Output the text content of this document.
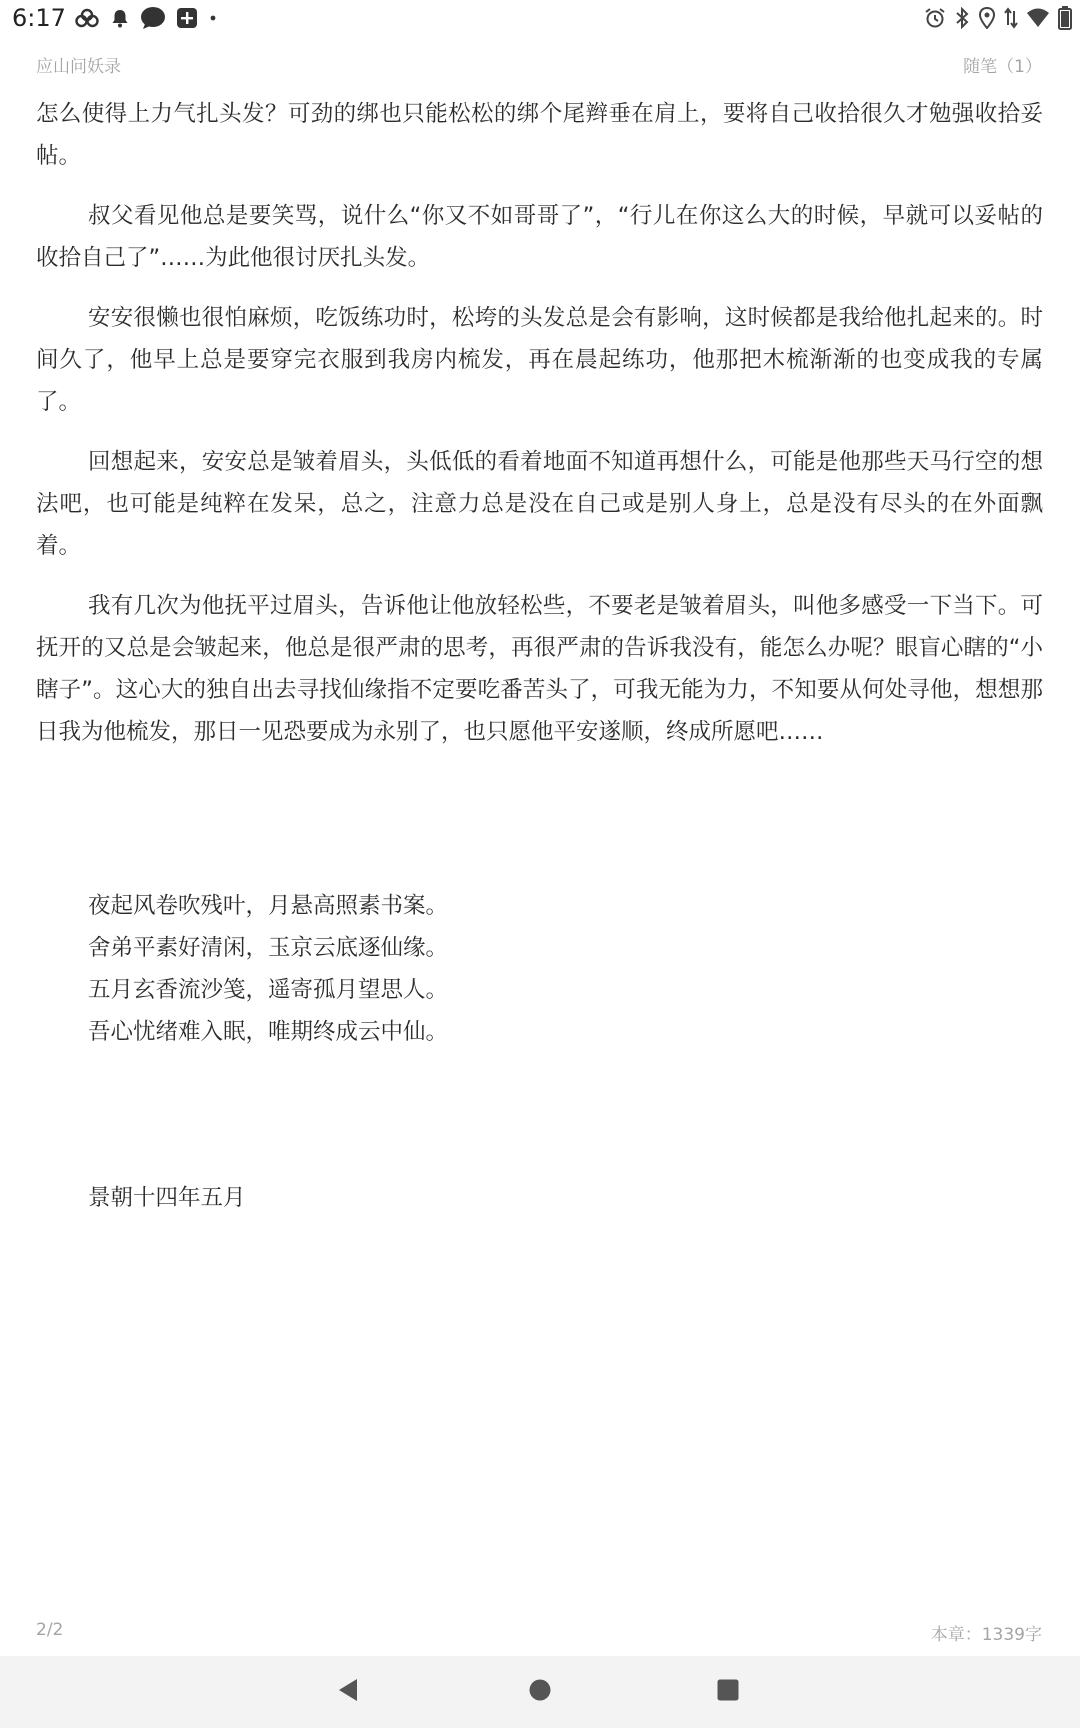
6:17
应山问妖录	随笔（1）

怎么使得上力气扎头发？可劲的绑也只能松松的绑个尾辫垂在肩上，要将自己收拾很久才勉强收拾妥帖。

叔父看见他总是要笑骂，说什么“你又不如哥哥了”，“行儿在你这么大的时候，早就可以妥帖的收拾自己了”……为此他很讨厌扎头发。

安安很懒也很怕麻烦，吃饭练功时，松垮的头发总是会有影响，这时候都是我给他扎起来的。时间久了，他早上总是要穿完衣服到我房内梳发，再在晨起练功，他那把木梳渐渐的也变成我的专属了。

回想起来，安安总是皱着眉头，头低低的看着地面不知道再想什么，可能是他那些天马行空的想法吧，也可能是纯粹在发呆，总之，注意力总是没在自己或是别人身上，总是没有尽头的在外面飘着。

我有几次为他抚平过眉头，告诉他让他放轻松些，不要老是皱着眉头，叫他多感受一下当下。可抚开的又总是会皱起来，他总是很严肃的思考，再很严肃的告诉我没有，能怎么办呢？眼盲心瞎的“小瞎子”。这心大的独自出去寻找仙缘指不定要吃番苦头了，可我无能为力，不知要从何处寻他，想想那日我为他梳发，那日一见恐要成为永别了，也只愿他平安遂顺，终成所愿吧……

夜起风卷吹残叶，月悬高照素书案。

舍弟平素好清闲，玉京云底逐仙缘。

五月玄香流沙笺，遥寄孤月望思人。

吾心忧绪难入眠，唯期终成云中仙。

景朝十四年五月

2/2	本章：1339字
